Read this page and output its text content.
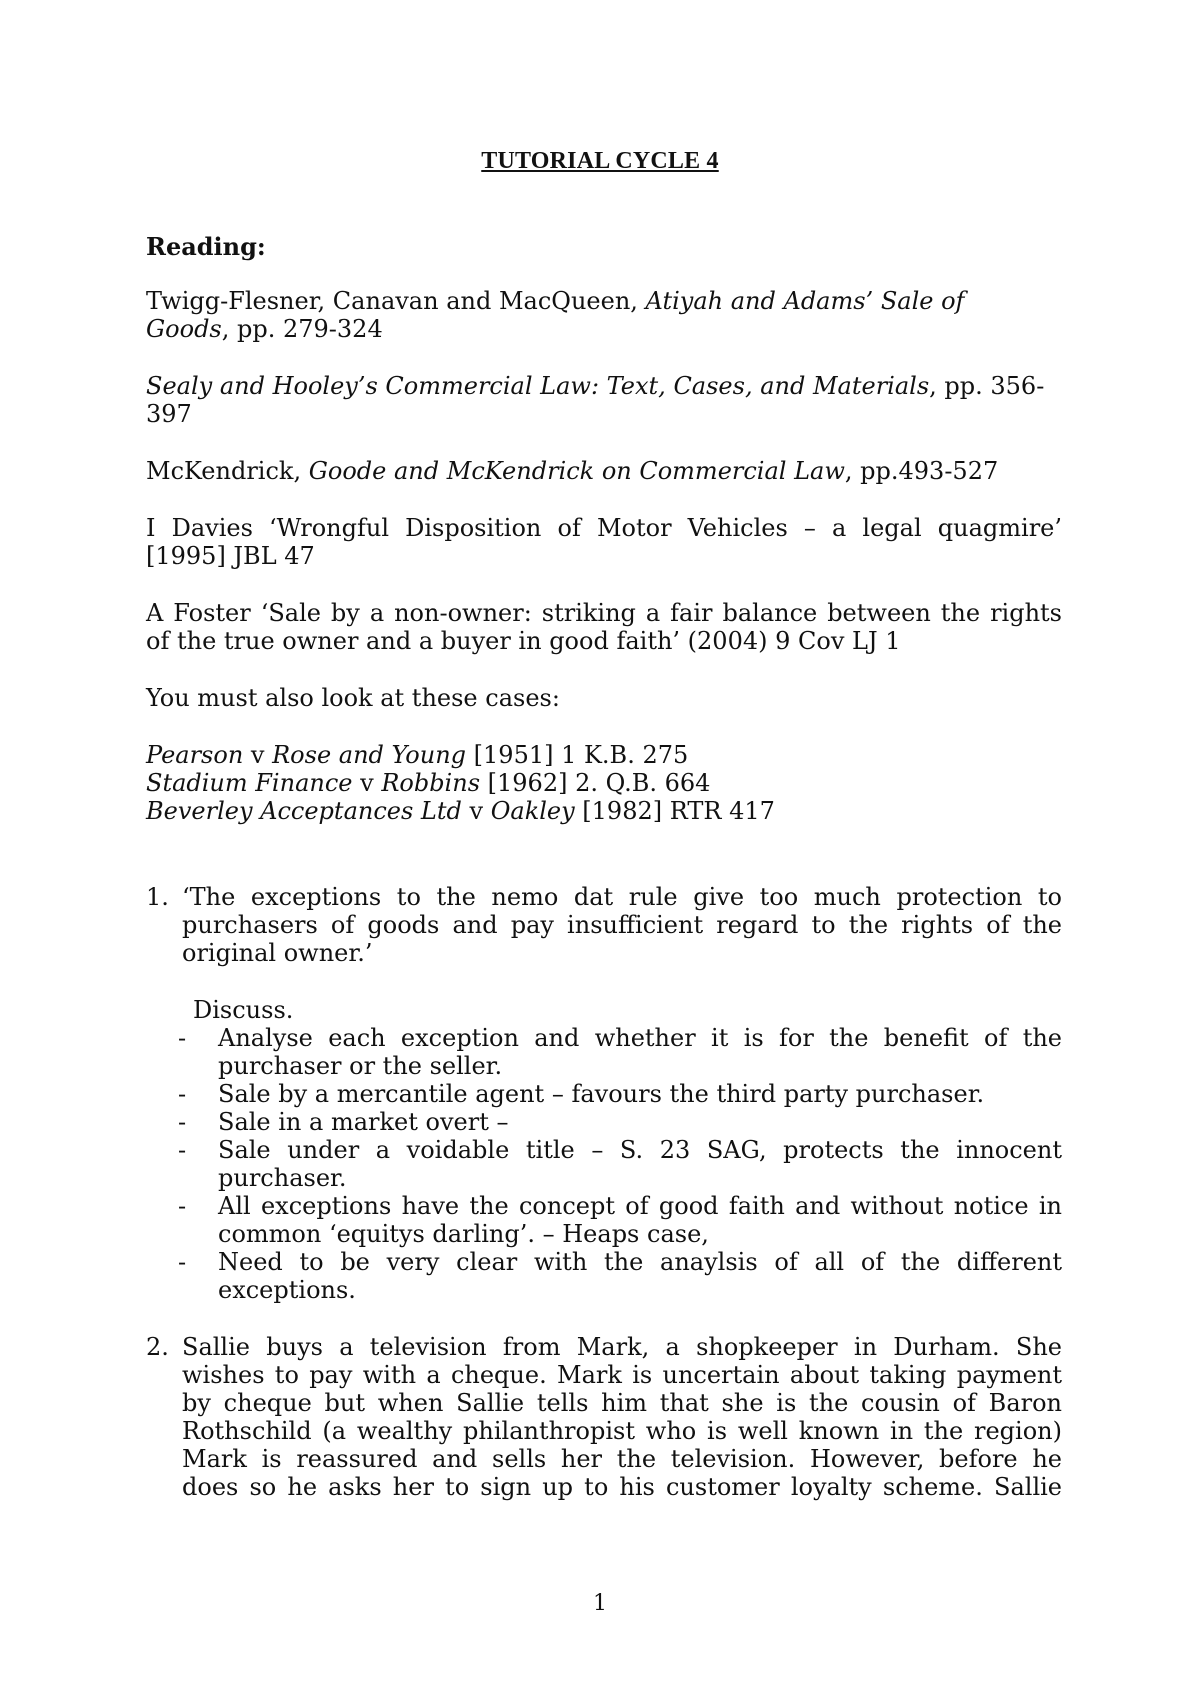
TUTORIAL CYCLE 4
Reading:
Twigg-Flesner, Canavan and MacQueen, Atiyah and Adams’ Sale of
Goods, pp. 279-324
Sealy and Hooley’s Commercial Law: Text, Cases, and Materials, pp. 356-
397
McKendrick, Goode and McKendrick on Commercial Law, pp.493-527
I Davies ‘Wrongful Disposition of Motor Vehicles – a legal quagmire’
[1995] JBL 47
A Foster ‘Sale by a non-owner: striking a fair balance between the rights
of the true owner and a buyer in good faith’ (2004) 9 Cov LJ 1
You must also look at these cases:
Pearson v Rose and Young [1951] 1 K.B. 275
Stadium Finance v Robbins [1962] 2. Q.B. 664
Beverley Acceptances Ltd v Oakley [1982] RTR 417
1. ‘The exceptions to the nemo dat rule give too much protection to
purchasers of goods and pay insufficient regard to the rights of the
original owner.’
Discuss.
- Analyse each exception and whether it is for the benefit of the
purchaser or the seller.
- Sale by a mercantile agent – favours the third party purchaser.
- Sale in a market overt –
- Sale under a voidable title – S. 23 SAG, protects the innocent
purchaser.
- All exceptions have the concept of good faith and without notice in
common ‘equitys darling’. – Heaps case,
- Need to be very clear with the anaylsis of all of the different
exceptions.
2. Sallie buys a television from Mark, a shopkeeper in Durham. She
wishes to pay with a cheque. Mark is uncertain about taking payment
by cheque but when Sallie tells him that she is the cousin of Baron
Rothschild (a wealthy philanthropist who is well known in the region)
Mark is reassured and sells her the television. However, before he
does so he asks her to sign up to his customer loyalty scheme. Sallie
1
